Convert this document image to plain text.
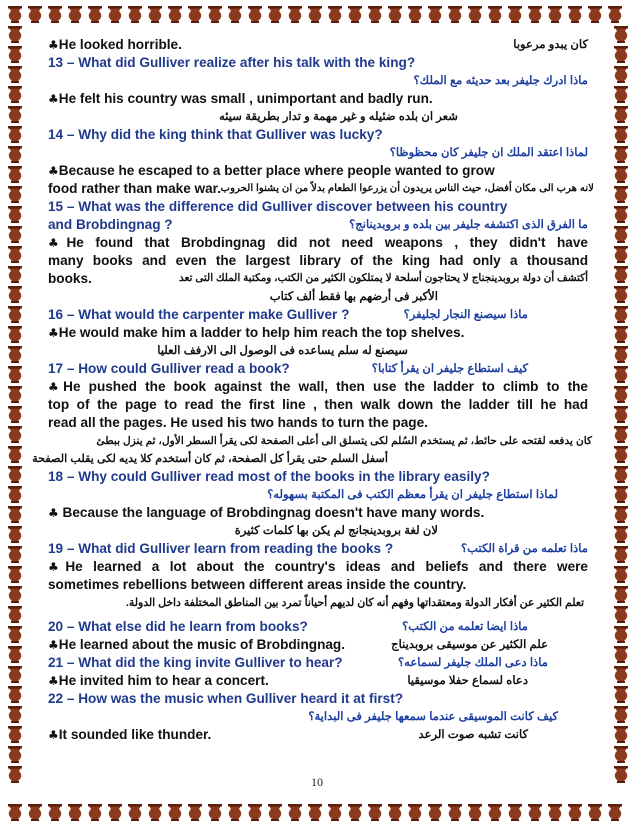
♣He looked horrible.	كان يبدو مرعوبا
13 – What did Gulliver realize after his talk with the king?
ماذا ادرك جليفر بعد حديثه مع الملك؟
♣He felt his country was small , unimportant and badly run.
شعر ان بلده ضئيله و غير مهمة و تدار بطريقة سيئه
14 – Why did the king think that Gulliver was lucky?
لماذا اعتقد الملك ان جليفر كان محظوظا؟
♣Because he escaped to a better place where people wanted to grow
food rather than make war. لانه هرب الى مكان أفضل، حيث الناس يريدون أن يزرعوا الطعام بدلاً من ان يشنوا الحروب
15 – What was the difference did Gulliver discover between his country
and Brobdingnag ?	ما الفرق الذى اكتشفه جليفر بين بلده و بروبدينانج؟
♣He found that Brobdingnag did not need weapons , they didn't have
many books and even the largest library of the king had only a thousand
books.	أكتشف أن دولة بروبدينجناج لا يحتاجون أسلحة لا يمتلكون الكثير من الكتب، ومكتبة الملك التى تعد
الأكبر فى أرضهم بها فقط ألف كتاب
16 – What would the carpenter make Gulliver ?	ماذا سيصنع النجار لجليفر؟
♣He would make him a ladder to help him reach the top shelves.
سيصنع له سلم يساعده فى الوصول الى الارفف العليا
17 – How could Gulliver read a book?	كيف استطاع جليفر ان يقرأ كتابا؟
♣He pushed the book against the wall, then use the ladder to climb to the
top of the page to read the first line , then walk down the ladder till he had
read all the pages. He used his two hands to turn the page.
كان يدفعه لقتحه على حائط، ثم يستخدم السُلم لكى يتسلق الى أعلى الصفحة لكى يقرأ السطر الأول، ثم ينزل ببطئ
أسفل السلم حتى يقرأ كل الصفحة، ثم كان أستخدم كلا يديه لكى يقلب الصفحة
18 – Why could Gulliver read most of the books in the library easily?
لماذا استطاع جليفر ان يقرأ معظم الكتب فى المكتبة بسهوله؟
♣ Because the language of Brobdingnag doesn't have many words.
لان لغة بروبدينجانج لم يكن بها كلمات كثيرة
19 – What did Gulliver learn from reading the books ?	ماذا تعلمه من قراة الكتب؟
♣He learned a lot about the country's ideas and beliefs and there were
sometimes rebellions between different areas inside the country.
تعلم الكثير عن أفكار الدولة ومعتقداتها وفهم أنه كان لديهم أحياناً تمرد بين المناطق المختلفة داخل الدولة.
20 – What else did he learn from books?	ماذا ايضا تعلمه من الكتب؟
♣He learned about the music of Brobdingnag.	علم الكثير عن موسيقى بروبديناج
21 – What did the king invite Gulliver to hear?	ماذا دعى الملك جليفر لسماعه؟
♣He invited him to hear a concert.	دعاه لسماع حفلا موسيقيا
22 – How was the music when Gulliver heard it at first?
كيف كانت الموسيقى عندما سمعها جليفر فى البداية؟
♣It sounded like thunder.	كانت تشبه صوت الرعد
10
